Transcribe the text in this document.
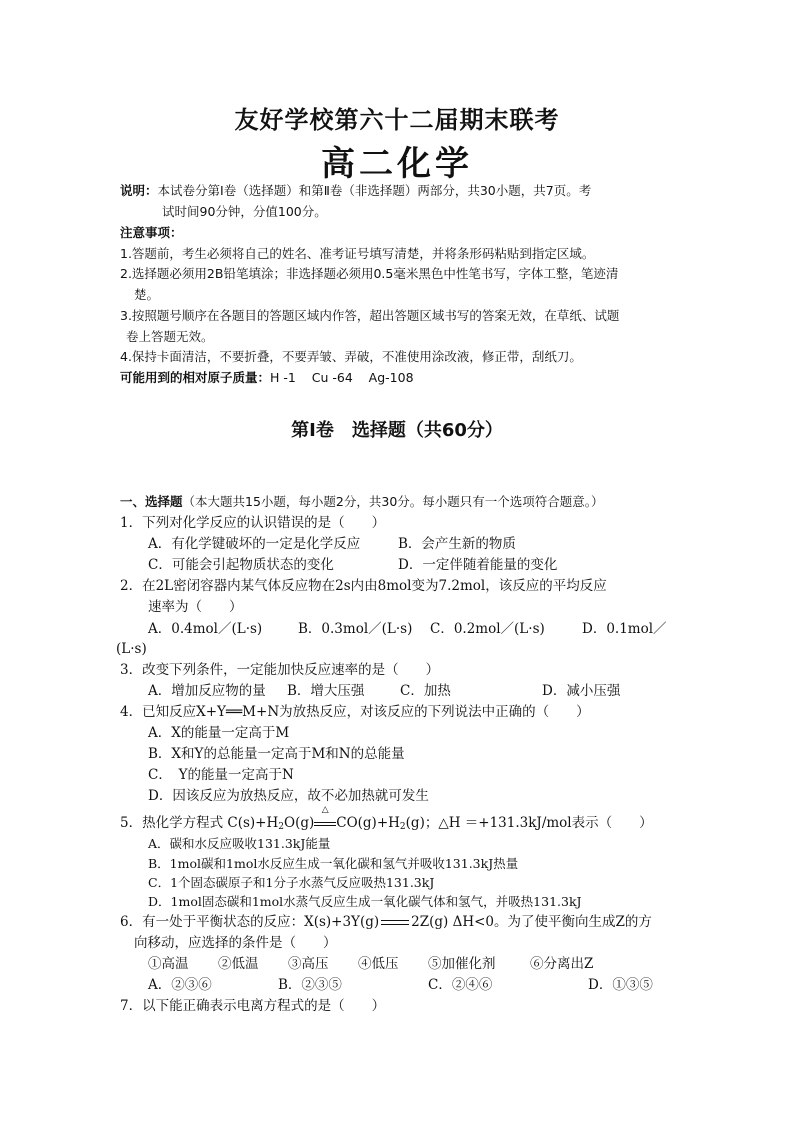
友好学校第六十二届期末联考
高二化学
说明：本试卷分第Ⅰ卷（选择题）和第Ⅱ卷（非选择题）两部分，共30小题，共7页。考
试时间90分钟，分值100分。
注意事项：
1.答题前，考生必须将自己的姓名、准考证号填写清楚，并将条形码粘贴到指定区域。
2.选择题必须用2B铅笔填涂；非选择题必须用0.5毫米黑色中性笔书写，字体工整，笔迹清
楚。
3.按照题号顺序在各题目的答题区域内作答，超出答题区域书写的答案无效，在草纸、试题
卷上答题无效。
4.保持卡面清洁，不要折叠，不要弄皱、弄破，不准使用涂改液，修正带，刮纸刀。
可能用到的相对原子质量：H -1    Cu -64    Ag-108
第Ⅰ卷　选择题（共60分）
一、选择题（本大题共15小题，每小题2分，共30分。每小题只有一个选项符合题意。）
1．下列对化学反应的认识错误的是（　　）
A．有化学键破坏的一定是化学反应	B．会产生新的物质
C．可能会引起物质状态的变化	D．一定伴随着能量的变化
2．在2L密闭容器内某气体反应物在2s内由8mol变为7.2mol，该反应的平均反应
速率为（　　）
A．0.4mol／(L·s)	B．0.3mol／(L·s) C．0.2mol／(L·s)	D．0.1mol／
(L·s)
3．改变下列条件，一定能加快反应速率的是（　　）
A．增加反应物的量 B．增大压强	C．加热	D．减小压强
4．已知反应X+Y══M+N为放热反应，对该反应的下列说法中正确的（　　）
A．X的能量一定高于M
B．X和Y的总能量一定高于M和N的总能量
C．　Y的能量一定高于N
D．因该反应为放热反应，故不必加热就可发生
5．热化学方程式 $C(s)+H_2O(g)$
△
$CO(g)+H_2(g)$；△H ＝+131.3kJ/mol表示（　　）
A．碳和水反应吸收131.3kJ能量
B．1mol碳和1mol水反应生成一氧化碳和氢气并吸收131.3kJ热量
C．1个固态碳原子和1分子水蒸气反应吸热131.3kJ
D．1mol固态碳和1mol水蒸气反应生成一氧化碳气体和氢气，并吸热131.3kJ
6．有一处于平衡状态的反应：X(s)+3Y(g) 2Z(g) ΔH<0。为了使平衡向生成Z的方
向移动，应选择的条件是（　　）
①高温 ②低温 ③高压 ④低压 ⑤加催化剂	⑥分离出Z
A．②③⑥	B．②③⑤	C．②④⑥	D．①③⑤
7．以下能正确表示电离方程式的是（　　）
